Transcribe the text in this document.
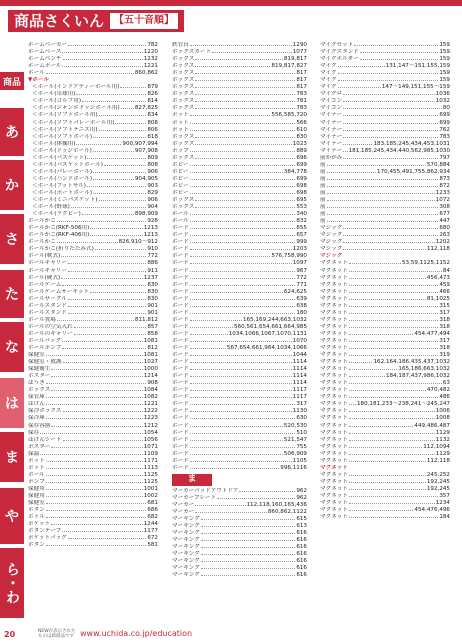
商品さくいん	【五十音順】
商品
あ
か
さ
た
な
は
ま
や
ら・わ
ホームベーカー	782
ホームベース	1220
ホームベンチ	1232
ホームポール	1221
ボール	860,862
▼ボール
＜ボール(インドアディーボール用)	879
＜ボール(卓球用)	826
＜ボール(ゴルフ用)	814
＜ボール(ジャンボドッジボール用)	827,825
＜ボール(ソフトボール用)	834
＜ボール(ソフトバレーボール用)	808
＜ボール(ソフトテニス用)	806
＜ボール(ソフトボール)	818
＜ボール(体操用)	900,907,994
＜ボール(ドッジボール)	907,908
＜ボール(バスケット)	809
＜ボール(バスケットボール)	808
＜ボール(バレーボール)	906
＜ボール(ハンドボール)	904,905
＜ボール(フットサル)	903
＜ボール(ポートボール)	829
＜ボール(ミニバスケット)	906
＜ボール(野球)	904
＜ボール(ラグビー)	898,909
ボールかご	928
ボールかご(RKF-506用)	1213
ボールかご(RKF-406用)	1213
ボールかご	826,910〜912
ボールかご(折りたたみ式)	910
ボール(軟式)	772
ボールキャリー	886
ボールキャリー	911
ボール(硬式)	1237
ボールゲーム	830
ボールゲームサーキット	830
ボールサークル	830
ボールスタンド	901
ボールスタンド	901
ボール置場	811,812
ボールの空気入れ	857
ボールのキャリー	858
ボールバッグ	1081
ボールポンプ	812
保健室	1081
保健室・救護	1027
保健衛生	1000
ボスター	1214
ほうき	908
ボックス	1084
保管庫	1082
ほけん	1221
保冷ボックス	1222
保冷庫	1223
保存容器	1212
保存	1054
ほけんシート	1056
ポスター	1071
保温	1109
ポット	1171
ポット	1113
ボール	1125
ポンプ	1125
保健用	1001
保健用	1002
保健室	681
ボタン	686
ボトル	682
ポケット	1244
ボタンテープ	1177
ポケットバッグ	672
ボタン	581
鉄管台	1290
ボックスカート	1077
ボックス	819,817
ボックス	819,817,827
ボックス	817
ボックス	817
ボックス	817
ボックス	783
ボックス	781
ボックス	783
ポット	556,585,720
ポット	566
ポット	610
ボックス	830
ボックス	1023
ポップ	889
ボックス	696
ボビー	699
ボビー	384,778
ボビー	699
ボビー	698
ボビー	698
ボックス	695
ボックス	553
ホール	340
ホール	832
ボード	655
ボード	657
ボード	999
ボード	1203
ボード	576,758,990
ボード	1097
ボード	967
ボード	772
ボード	771
ボード	624,625
ボード	639
ボード	638
ボード	180
ボード	165,169,244,663,1032
ボード	560,561,654,661,664,985
ボード	1034,1066,1067,1070,1131
ボード	1070
ボード	567,654,661,964,1034,1066
ボード	1044
ボード	1114
ボード	1114
ボード	1114
ボード	1114
ボード	1117
ボード	1117
ボード	317
ボード	1130
ボード	630
ボード	520,530
ボード	510
ボード	521,547
ボード	755
ボード	506,909
ボード	1105
ボード	996,1116
ま
マーカーパッドアウトドア	962
マーカープレート	962
マーカー	112,118,160,165,436
マーカー	860,862,1122
マーキング	615
マーキング	613
マーキング	616
マーキング	616
マーキング	616
マーキング	616
マーキング	616
マーキング	616
マーキング	616
マイクセット	159
マイクスタンド	159
マイクホルダー	159
マイク	131,147〜151,155,159
マイク	159
マイク	159
マイク	147〜149,151,155〜159
マイクロ	1036
マイコン	1032
マイコン	80
マイナー	699
マイナー	699
マイナー	762
マイナー	783
マイナー	183,185,245,434,453,1031
マイナー 181,185,245,434,440,562,985,1030
前かがみ	797
前	570,884
前	170,455,491,755,862,934
前	873
前	872
前	1233
前	1072
前	308
前	677
前	447
マジック	680
マジック	263
マジック	1202
マジック	112,118
マジック
マグネット	53,59,1125,1152
マグネット	84
マグネット	456,473
マグネット	459
マグネット	466
マグネット	81,1025
マグネット	315
マグネット	317
マグネット	318
マグネット	318
マグネット	454,477,494
マグネット	317
マグネット	318
マグネット	319
マグネット	162,164,186,435,437,1032
マグネット	165,186,663,1032
マグネット	184,187,437,986,1032
マグネット	63
マグネット	470,482
マグネット	486
マグネット 180,181,233〜238,241〜245,247
マグネット	1006
マグネット	1008
マグネット	449,486,487
マグネット	1129
マグネット	1132
マグネット	112,1094
マグネット	1129
マグネット	112,118
マグネット
マグネット	245,252
マグネット	192,245
マグネット	192,245
マグネット	357
マグネット	1234
マグネット	454,476,496
マグネット	184
20	NEWが表示されたものは新商品です www.uchida.co.jp/education
